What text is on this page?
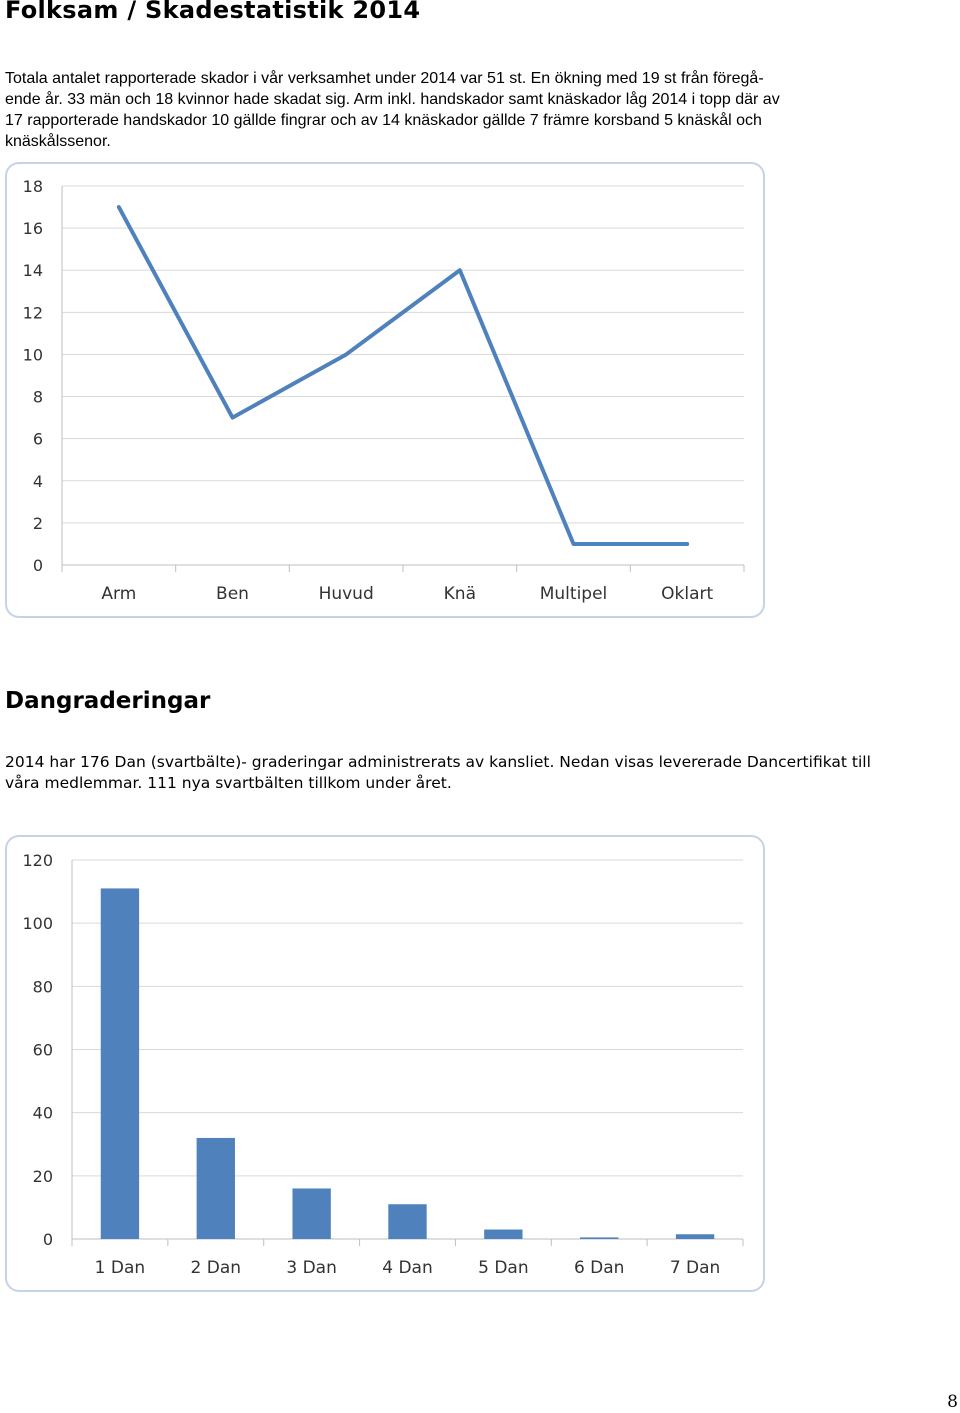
Folksam / Skadestatistik 2014
Totala antalet rapporterade skador i vår verksamhet under 2014 var 51 st. En ökning med 19 st från föregå-
ende år. 33 män och 18 kvinnor hade skadat sig. Arm inkl. handskador samt knäskador låg 2014 i topp där av
17 rapporterade handskador 10 gällde fingrar och av 14 knäskador gällde 7 främre korsband 5 knäskål och
knäskålssenor.
0
2
4
6
8
10
12
14
16
18
Arm	Ben	Huvud	Knä	Multipel	Oklart
Dangraderingar
2014 har 176 Dan (svartbälte)- graderingar administrerats av kansliet. Nedan visas levererade Dancertifikat till
våra medlemmar. 111 nya svartbälten tillkom under året.
0
20
40
60
80
100
120
1 Dan	2 Dan	3 Dan	4 Dan	5 Dan	6 Dan	7 Dan
8
